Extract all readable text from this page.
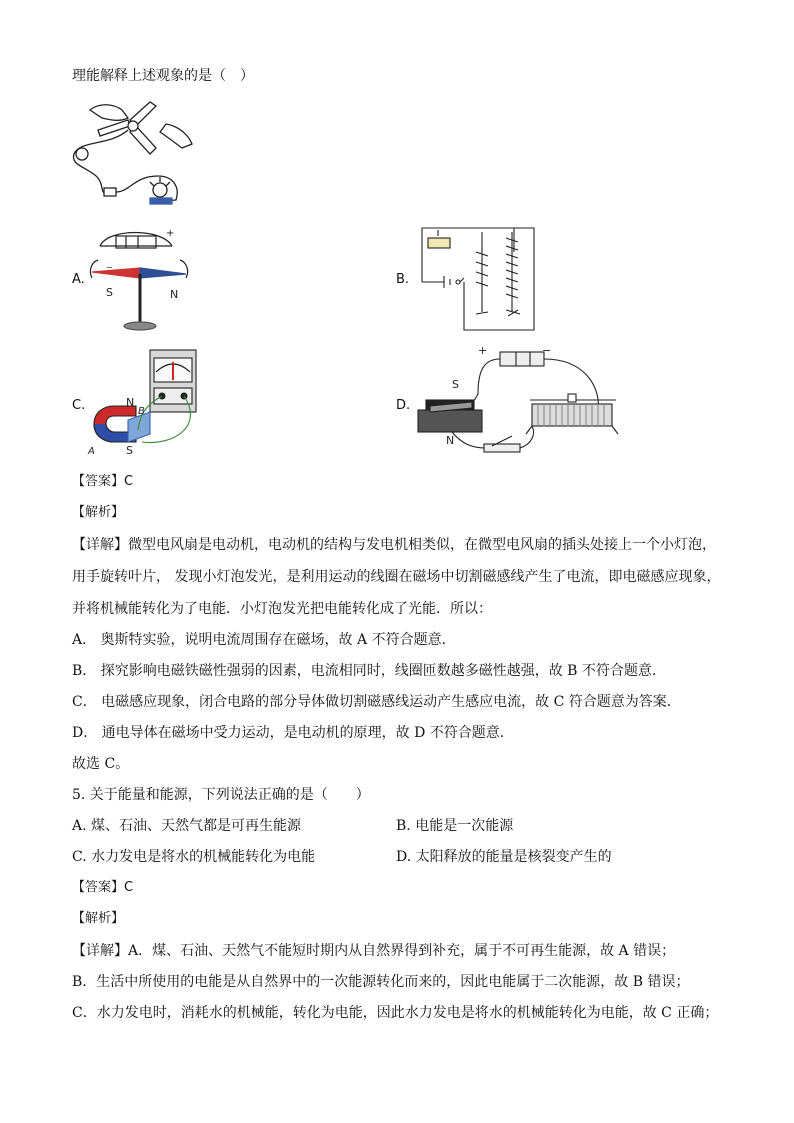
理能解释上述观象的是（　）
A.
−
+
S	N
B.
C.	N
B
A	S
D.
+	−
S
N
【答案】C
【解析】
【详解】微型电风扇是电动机，电动机的结构与发电机相类似，在微型电风扇的插头处接上一个小灯泡，
用手旋转叶片， 发现小灯泡发光，是利用运动的线圈在磁场中切割磁感线产生了电流，即电磁感应现象，
并将机械能转化为了电能．小灯泡发光把电能转化成了光能．所以：
A． 奥斯特实验，说明电流周围存在磁场，故 A 不符合题意．
B． 探究影响电磁铁磁性强弱的因素，电流相同时，线圈匝数越多磁性越强，故 B 不符合题意．
C． 电磁感应现象，闭合电路的部分导体做切割磁感线运动产生感应电流，故 C 符合题意为答案．
D． 通电导体在磁场中受力运动，是电动机的原理，故 D 不符合题意．
故选 C。
5. 关于能量和能源，下列说法正确的是（　　）
A. 煤、石油、天然气都是可再生能源	B. 电能是一次能源
C. 水力发电是将水的机械能转化为电能	D. 太阳释放的能量是核裂变产生的
【答案】C
【解析】
【详解】A．煤、石油、天然气不能短时期内从自然界得到补充，属于不可再生能源，故 A 错误；
B．生活中所使用的电能是从自然界中的一次能源转化而来的，因此电能属于二次能源，故 B 错误；
C．水力发电时，消耗水的机械能，转化为电能，因此水力发电是将水的机械能转化为电能，故 C 正确；
